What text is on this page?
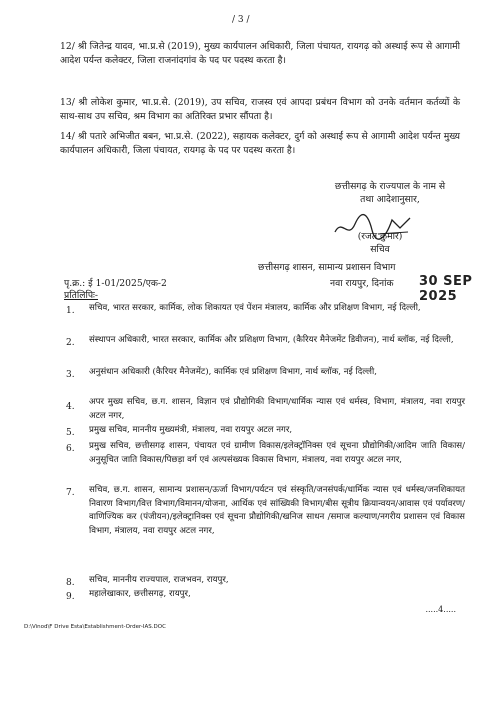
/ 3 /
12/ श्री जितेन्द्र यादव, भा.प्र.से (2019), मुख्य कार्यपालन अधिकारी, जिला पंचायत, रायगढ़ को अस्थाई रूप से आगामी आदेश पर्यन्त कलेक्टर, जिला राजनांदगांव के पद पर पदस्थ करता है।
13/ श्री लोकेश कुमार, भा.प्र.से. (2019), उप सचिव, राजस्व एवं आपदा प्रबंधन विभाग को उनके वर्तमान कर्तव्यों के साथ-साथ उप सचिव, श्रम विभाग का अतिरिक्त प्रभार सौंपता है।
14/ श्री पतारे अभिजीत बबन, भा.प्र.से. (2022), सहायक कलेक्टर, दुर्ग को अस्थाई रूप से आगामी आदेश पर्यन्त मुख्य कार्यपालन अधिकारी, जिला पंचायत, रायगढ़ के पद पर पदस्थ करता है।
छत्तीसगढ़ के राज्यपाल के नाम से
तथा आदेशानुसार,
(रजत कुमार)
सचिव
छत्तीसगढ़ शासन, सामान्य प्रशासन विभाग
पृ.क्र.: ई 1-01/2025/एक-2	नवा रायपुर, दिनांक 30 SEP 2025
प्रतिलिपिः-
1. सचिव, भारत सरकार, कार्मिक, लोक शिकायत एवं पेंशन मंत्रालय, कार्मिक और प्रशिक्षण विभाग, नई दिल्ली,
2. संस्थापन अधिकारी, भारत सरकार, कार्मिक और प्रशिक्षण विभाग, (कैरियर मैनेजमेंट डिवीजन), नार्थ ब्लॉक, नई दिल्ली,
3. अनुसंधान अधिकारी (कैरियर मैनेजमेंट), कार्मिक एवं प्रशिक्षण विभाग, नार्थ ब्लॉक, नई दिल्ली,
4. अपर मुख्य सचिव, छ.ग. शासन, विज्ञान एवं प्रौद्योगिकी विभाग/धार्मिक न्यास एवं धर्मस्व, विभाग, मंत्रालय, नवा रायपुर अटल नगर,
5. प्रमुख सचिव, माननीय मुख्यमंत्री, मंत्रालय, नवा रायपुर अटल नगर,
6. प्रमुख सचिव, छत्तीसगढ़ शासन, पंचायत एवं ग्रामीण विकास/इलेक्ट्रॉनिक्स एवं सूचना प्रौद्योगिकी/आदिम जाति विकास/अनुसूचित जाति विकास/पिछड़ा वर्ग एवं अल्पसंख्यक विकास विभाग, मंत्रालय, नवा रायपुर अटल नगर,
7. सचिव, छ.ग. शासन, सामान्य प्रशासन/ऊर्जा विभाग/पर्यटन एवं संस्कृति/जनसंपर्क/धार्मिक न्यास एवं धर्मस्व/जनशिकायत निवारण विभाग/वित्त विभाग/विमानन/योजना, आर्थिक एवं सांख्यिकी विभाग/बीस सूत्रीय क्रियान्वयन/आवास एवं पर्यावरण/वाणिज्यिक कर (पंजीयन)/इलेक्ट्रानिक्स एवं सूचना प्रौद्योगिकी/खनिज साधन /समाज कल्याण/नगरीय प्रशासन एवं विकास विभाग, मंत्रालय, नवा रायपुर अटल नगर,
8. सचिव, माननीय राज्यपाल, राजभवन, रायपुर,
9. महालेखाकार, छत्तीसगढ़, रायपुर,
.....4.....
D:\Vinod\F Drive Esta\Establishment-Order-IAS.DOC
